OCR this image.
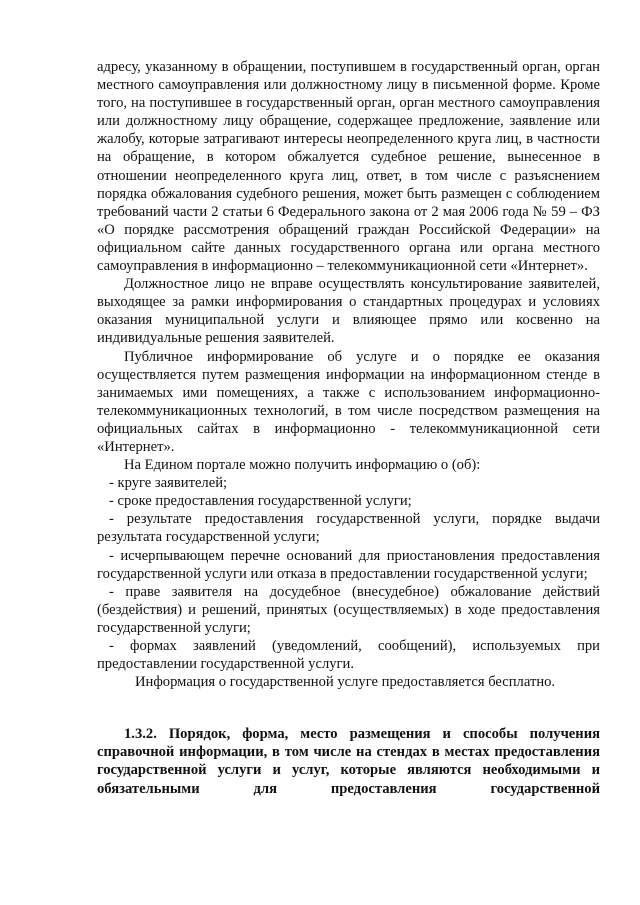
адресу, указанному в обращении, поступившем в государственный орган, орган местного самоуправления или должностному лицу в письменной форме. Кроме того, на поступившее в государственный орган, орган местного самоуправления или должностному лицу обращение, содержащее предложение, заявление или жалобу, которые затрагивают интересы неопределенного круга лиц, в частности на обращение, в котором обжалуется судебное решение, вынесенное в отношении неопределенного круга лиц, ответ, в том числе с разъяснением порядка обжалования судебного решения, может быть размещен с соблюдением требований части 2 статьи 6 Федерального закона от 2 мая 2006 года № 59 – ФЗ «О порядке рассмотрения обращений граждан Российской Федерации» на официальном сайте данных государственного органа или органа местного самоуправления в информационно – телекоммуникационной сети «Интернет».

Должностное лицо не вправе осуществлять консультирование заявителей, выходящее за рамки информирования о стандартных процедурах и условиях оказания муниципальной услуги и влияющее прямо или косвенно на индивидуальные решения заявителей.

Публичное информирование об услуге и о порядке ее оказания осуществляется путем размещения информации на информационном стенде в занимаемых ими помещениях, а также с использованием информационно-телекоммуникационных технологий, в том числе посредством размещения на официальных сайтах в информационно - телекоммуникационной сети «Интернет».

На Едином портале можно получить информацию о (об):

- круге заявителей;

- сроке предоставления государственной услуги;

- результате предоставления государственной услуги, порядке выдачи результата государственной услуги;

- исчерпывающем перечне оснований для приостановления предоставления государственной услуги или отказа в предоставлении государственной услуги;

- праве заявителя на досудебное (внесудебное) обжалование действий (бездействия) и решений, принятых (осуществляемых) в ходе предоставления государственной услуги;

- формах заявлений (уведомлений, сообщений), используемых при предоставлении государственной услуги.

Информация о государственной услуге предоставляется бесплатно.

1.3.2. Порядок, форма, место размещения и способы получения справочной информации, в том числе на стендах в местах предоставления государственной услуги и услуг, которые являются необходимыми и обязательными для предоставления государственной
